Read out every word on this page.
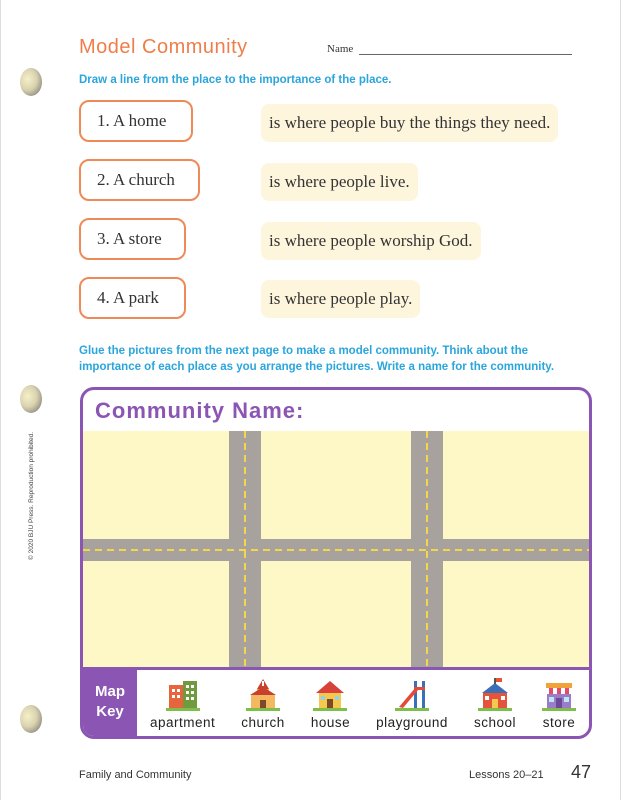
Model Community	Name
Draw a line from the place to the importance of the place.
1. A home
2. A church
3. A store
4. A park
is where people buy the things they need.
is where people live.
is where people worship God.
is where people play.
Glue the pictures from the next page to make a model community. Think about the
importance of each place as you arrange the pictures. Write a name for the community.
Community Name:
Map
Key
apartment church house playground school store
© 2020 BJU Press. Reproduction prohibited.
Family and Community	Lessons 20–21 47
